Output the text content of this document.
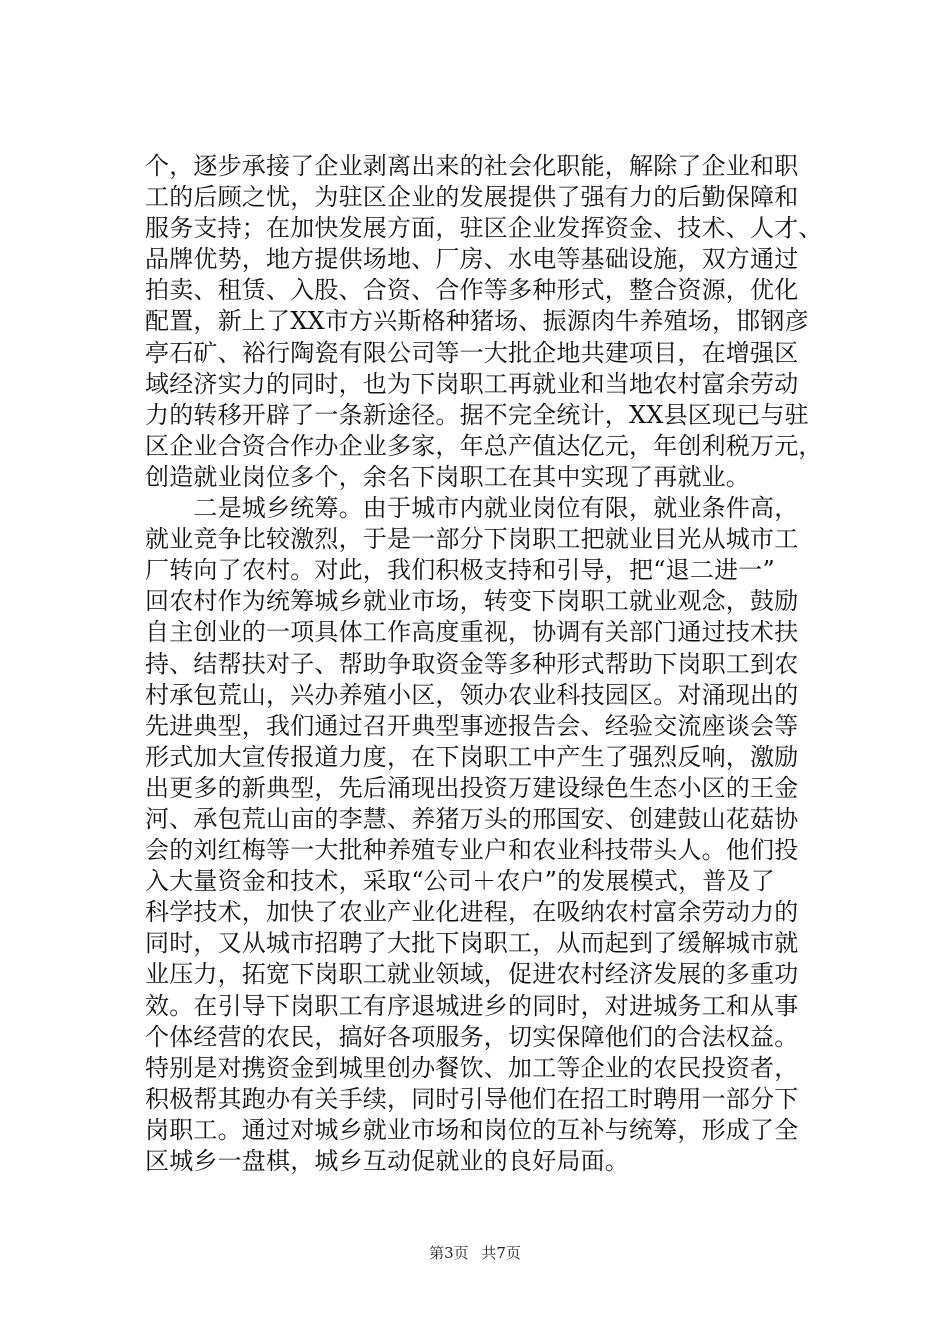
个，逐步承接了企业剥离出来的社会化职能，解除了企业和职
工的后顾之忧，为驻区企业的发展提供了强有力的后勤保障和
服务支持；在加快发展方面，驻区企业发挥资金、技术、人才、
品牌优势，地方提供场地、厂房、水电等基础设施，双方通过
拍卖、租赁、入股、合资、合作等多种形式，整合资源，优化
配置，新上了XX市方兴斯格种猪场、振源肉牛养殖场，邯钢彦
亭石矿、裕行陶瓷有限公司等一大批企地共建项目，在增强区
域经济实力的同时，也为下岗职工再就业和当地农村富余劳动
力的转移开辟了一条新途径。据不完全统计，XX县区现已与驻
区企业合资合作办企业多家，年总产值达亿元，年创利税万元，
创造就业岗位多个，余名下岗职工在其中实现了再就业。
　　二是城乡统筹。由于城市内就业岗位有限，就业条件高，
就业竞争比较激烈，于是一部分下岗职工把就业目光从城市工
厂转向了农村。对此，我们积极支持和引导，把“退二进一”
回农村作为统筹城乡就业市场，转变下岗职工就业观念，鼓励
自主创业的一项具体工作高度重视，协调有关部门通过技术扶
持、结帮扶对子、帮助争取资金等多种形式帮助下岗职工到农
村承包荒山，兴办养殖小区，领办农业科技园区。对涌现出的
先进典型，我们通过召开典型事迹报告会、经验交流座谈会等
形式加大宣传报道力度，在下岗职工中产生了强烈反响，激励
出更多的新典型，先后涌现出投资万建设绿色生态小区的王金
河、承包荒山亩的李慧、养猪万头的邢国安、创建鼓山花菇协
会的刘红梅等一大批种养殖专业户和农业科技带头人。他们投
入大量资金和技术，采取“公司＋农户”的发展模式，普及了
科学技术，加快了农业产业化进程，在吸纳农村富余劳动力的
同时，又从城市招聘了大批下岗职工，从而起到了缓解城市就
业压力，拓宽下岗职工就业领域，促进农村经济发展的多重功
效。在引导下岗职工有序退城进乡的同时，对进城务工和从事
个体经营的农民，搞好各项服务，切实保障他们的合法权益。
特别是对携资金到城里创办餐饮、加工等企业的农民投资者，
积极帮其跑办有关手续，同时引导他们在招工时聘用一部分下
岗职工。通过对城乡就业市场和岗位的互补与统筹，形成了全
区城乡一盘棋，城乡互动促就业的良好局面。
第3页 共7页
